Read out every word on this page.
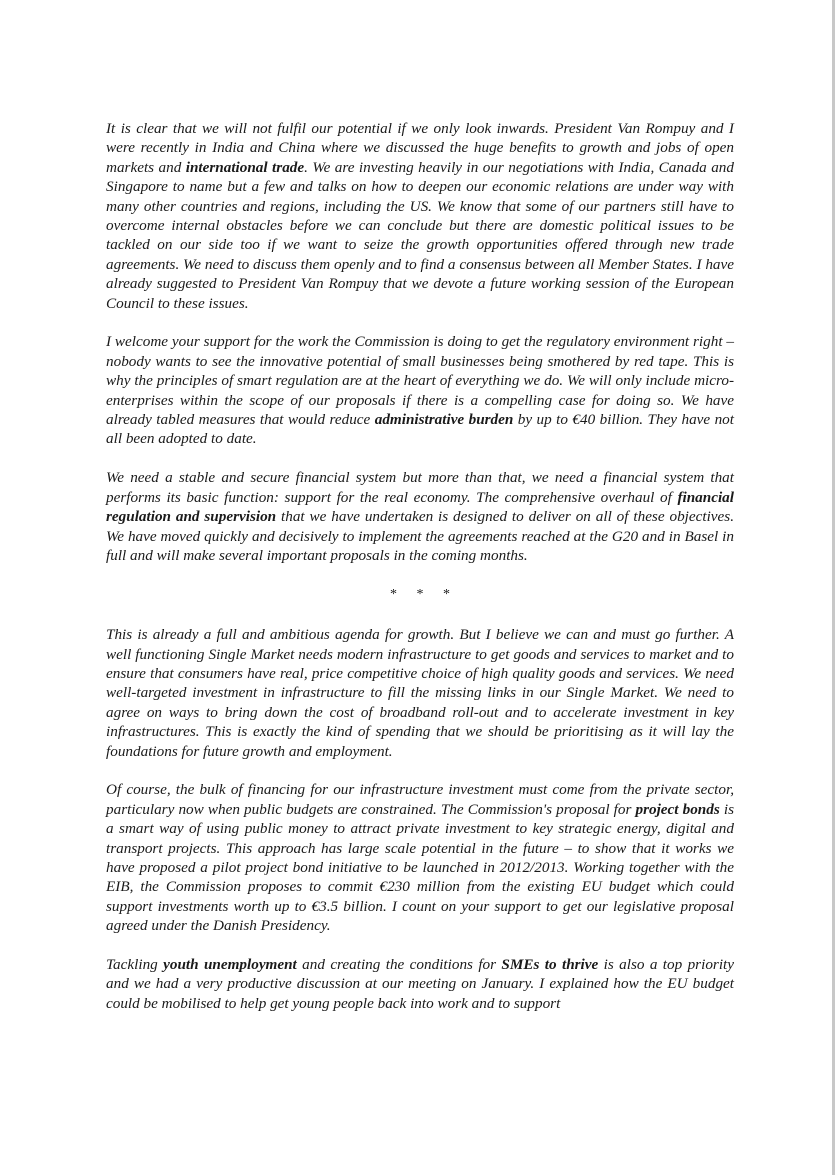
It is clear that we will not fulfil our potential if we only look inwards. President Van Rompuy and I were recently in India and China where we discussed the huge benefits to growth and jobs of open markets and international trade. We are investing heavily in our negotiations with India, Canada and Singapore to name but a few and talks on how to deepen our economic relations are under way with many other countries and regions, including the US. We know that some of our partners still have to overcome internal obstacles before we can conclude but there are domestic political issues to be tackled on our side too if we want to seize the growth opportunities offered through new trade agreements. We need to discuss them openly and to find a consensus between all Member States. I have already suggested to President Van Rompuy that we devote a future working session of the European Council to these issues.

I welcome your support for the work the Commission is doing to get the regulatory environment right – nobody wants to see the innovative potential of small businesses being smothered by red tape. This is why the principles of smart regulation are at the heart of everything we do. We will only include micro-enterprises within the scope of our proposals if there is a compelling case for doing so. We have already tabled measures that would reduce administrative burden by up to €40 billion. They have not all been adopted to date.

We need a stable and secure financial system but more than that, we need a financial system that performs its basic function: support for the real economy. The comprehensive overhaul of financial regulation and supervision that we have undertaken is designed to deliver on all of these objectives. We have moved quickly and decisively to implement the agreements reached at the G20 and in Basel in full and will make several important proposals in the coming months.

* * *

This is already a full and ambitious agenda for growth. But I believe we can and must go further. A well functioning Single Market needs modern infrastructure to get goods and services to market and to ensure that consumers have real, price competitive choice of high quality goods and services. We need well-targeted investment in infrastructure to fill the missing links in our Single Market. We need to agree on ways to bring down the cost of broadband roll-out and to accelerate investment in key infrastructures. This is exactly the kind of spending that we should be prioritising as it will lay the foundations for future growth and employment.

Of course, the bulk of financing for our infrastructure investment must come from the private sector, particulary now when public budgets are constrained. The Commission's proposal for project bonds is a smart way of using public money to attract private investment to key strategic energy, digital and transport projects. This approach has large scale potential in the future – to show that it works we have proposed a pilot project bond initiative to be launched in 2012/2013. Working together with the EIB, the Commission proposes to commit €230 million from the existing EU budget which could support investments worth up to €3.5 billion. I count on your support to get our legislative proposal agreed under the Danish Presidency.

Tackling youth unemployment and creating the conditions for SMEs to thrive is also a top priority and we had a very productive discussion at our meeting on January. I explained how the EU budget could be mobilised to help get young people back into work and to support
